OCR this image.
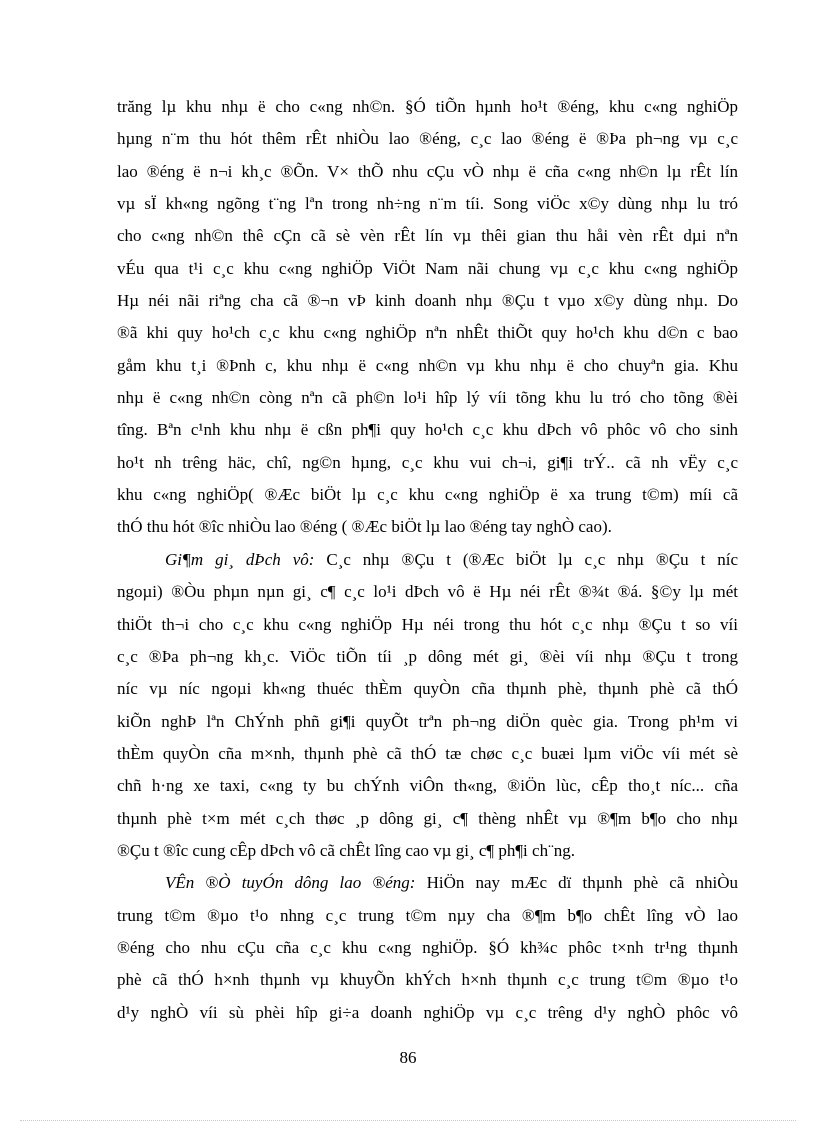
trăng lµ khu nhµ ë cho c«ng nh©n. §Ó tiÕn hµnh ho¹t ®éng, khu c«ng nghiÖp
hµng n¨m thu hót thêm rÊt nhiÒu lao ®éng, c¸c lao ®éng ë ®Þa ph¬ng vµ c¸c
lao ®éng ë n¬i kh¸c ®Õn. V× thÕ nhu cÇu vÒ nhµ ë cña c«ng nh©n lµ rÊt lín
vµ sÏ kh«ng ngõng t¨ng lªn trong nh÷ng n¨m tíi. Song viÖc x©y dùng nhµ lu tró
cho c«ng nh©n thê cÇn cã sè vèn rÊt lín vµ thêi gian thu håi vèn rÊt dµi nªn
vÉu qua t¹i c¸c khu c«ng nghiÖp ViÖt Nam nãi chung vµ c¸c khu c«ng nghiÖp
Hµ néi nãi riªng cha cã ®¬n vÞ kinh doanh nhµ ®Çu t vµo x©y dùng nhµ. Do
®ã khi quy ho¹ch c¸c khu c«ng nghiÖp nªn nhÊt thiÕt quy ho¹ch khu d©n c bao
gåm khu t¸i ®Þnh c, khu nhµ ë c«ng nh©n vµ khu nhµ ë cho chuyªn gia. Khu
nhµ ë c«ng nh©n còng nªn cã ph©n lo¹i hîp lý víi tõng khu lu tró cho tõng ®èi
tîng. Bªn c¹nh khu nhµ ë cßn ph¶i quy ho¹ch c¸c khu dÞch vô phôc vô cho sinh
ho¹t nh trêng häc, chî, ng©n hµng, c¸c khu vui ch¬i, gi¶i trÝ.. cã nh vËy c¸c
khu c«ng nghiÖp( ®Æc biÖt lµ c¸c khu c«ng nghiÖp ë xa trung t©m) míi cã
thÓ thu hót ®îc nhiÒu lao ®éng ( ®Æc biÖt lµ lao ®éng tay nghÒ cao).
Gi¶m gi¸ dÞch vô: C¸c nhµ ®Çu t (®Æc biÖt lµ c¸c nhµ ®Çu t níc
ngoµi) ®Òu phµn nµn gi¸ c¶ c¸c lo¹i dÞch vô ë Hµ néi rÊt ®¾t ®á. §©y lµ mét
thiÖt th¬i cho c¸c khu c«ng nghiÖp Hµ néi trong thu hót c¸c nhµ ®Çu t so víi
c¸c ®Þa ph¬ng kh¸c. ViÖc tiÕn tíi ¸p dông mét gi¸ ®èi víi nhµ ®Çu t trong
níc vµ níc ngoµi kh«ng thuéc thÈm quyÒn cña thµnh phè, thµnh phè cã thÓ
kiÕn nghÞ lªn ChÝnh phñ gi¶i quyÕt trªn ph¬ng diÖn quèc gia. Trong ph¹m vi
thÈm quyÒn cña m×nh, thµnh phè cã thÓ tæ chøc c¸c buæi lµm viÖc víi mét sè
chñ h·ng xe taxi, c«ng ty bu chÝnh viÔn th«ng, ®iÖn lùc, cÊp tho¸t níc... cña
thµnh phè t×m mét c¸ch thøc ¸p dông gi¸ c¶ thèng nhÊt vµ ®¶m b¶o cho nhµ
®Çu t ®îc cung cÊp dÞch vô cã chÊt lîng cao vµ gi¸ c¶ ph¶i ch¨ng.
VÊn ®Ò tuyÓn dông lao ®éng: HiÖn nay mÆc dï thµnh phè cã nhiÒu
trung t©m ®µo t¹o nhng c¸c trung t©m nµy cha ®¶m b¶o chÊt lîng vÒ lao
®éng cho nhu cÇu cña c¸c khu c«ng nghiÖp. §Ó kh¾c phôc t×nh tr¹ng thµnh
phè cã thÓ h×nh thµnh vµ khuyÕn khÝch h×nh thµnh c¸c trung t©m ®µo t¹o
d¹y nghÒ víi sù phèi hîp gi÷a doanh nghiÖp vµ c¸c trêng d¹y nghÒ phôc vô
86
